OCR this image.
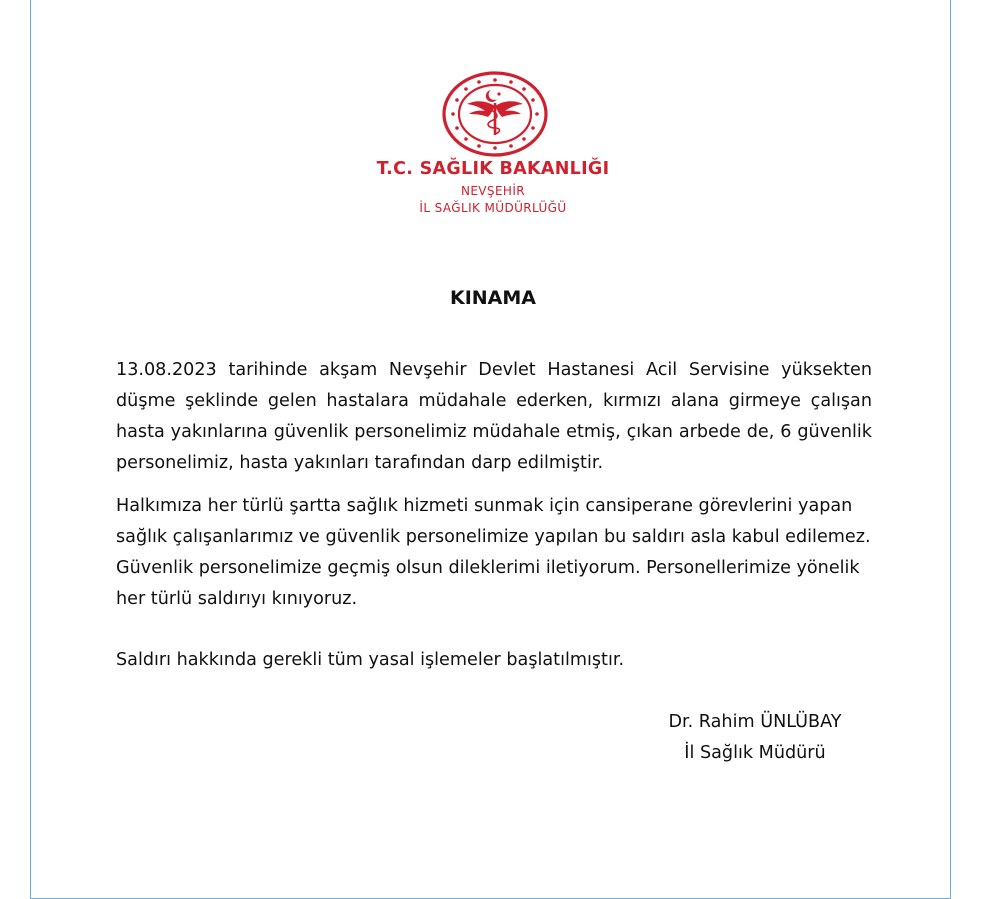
T.C. SAĞLIK BAKANLIĞI
NEVŞEHİR
İL SAĞLIK MÜDÜRLÜĞÜ
KINAMA
13.08.2023 tarihinde akşam Nevşehir Devlet Hastanesi Acil Servisine yüksekten düşme şeklinde gelen hastalara müdahale ederken, kırmızı alana girmeye çalışan hasta yakınlarına güvenlik personelimiz müdahale etmiş, çıkan arbede de, 6 güvenlik personelimiz, hasta yakınları tarafından darp edilmiştir.
Halkımıza her türlü şartta sağlık hizmeti sunmak için cansiperane görevlerini yapan sağlık çalışanlarımız ve güvenlik personelimize yapılan bu saldırı asla kabul edilemez. Güvenlik personelimize geçmiş olsun dileklerimi iletiyorum. Personellerimize yönelik her türlü saldırıyı kınıyoruz.
Saldırı hakkında gerekli tüm yasal işlemeler başlatılmıştır.
Dr. Rahim ÜNLÜBAY
İl Sağlık Müdürü
